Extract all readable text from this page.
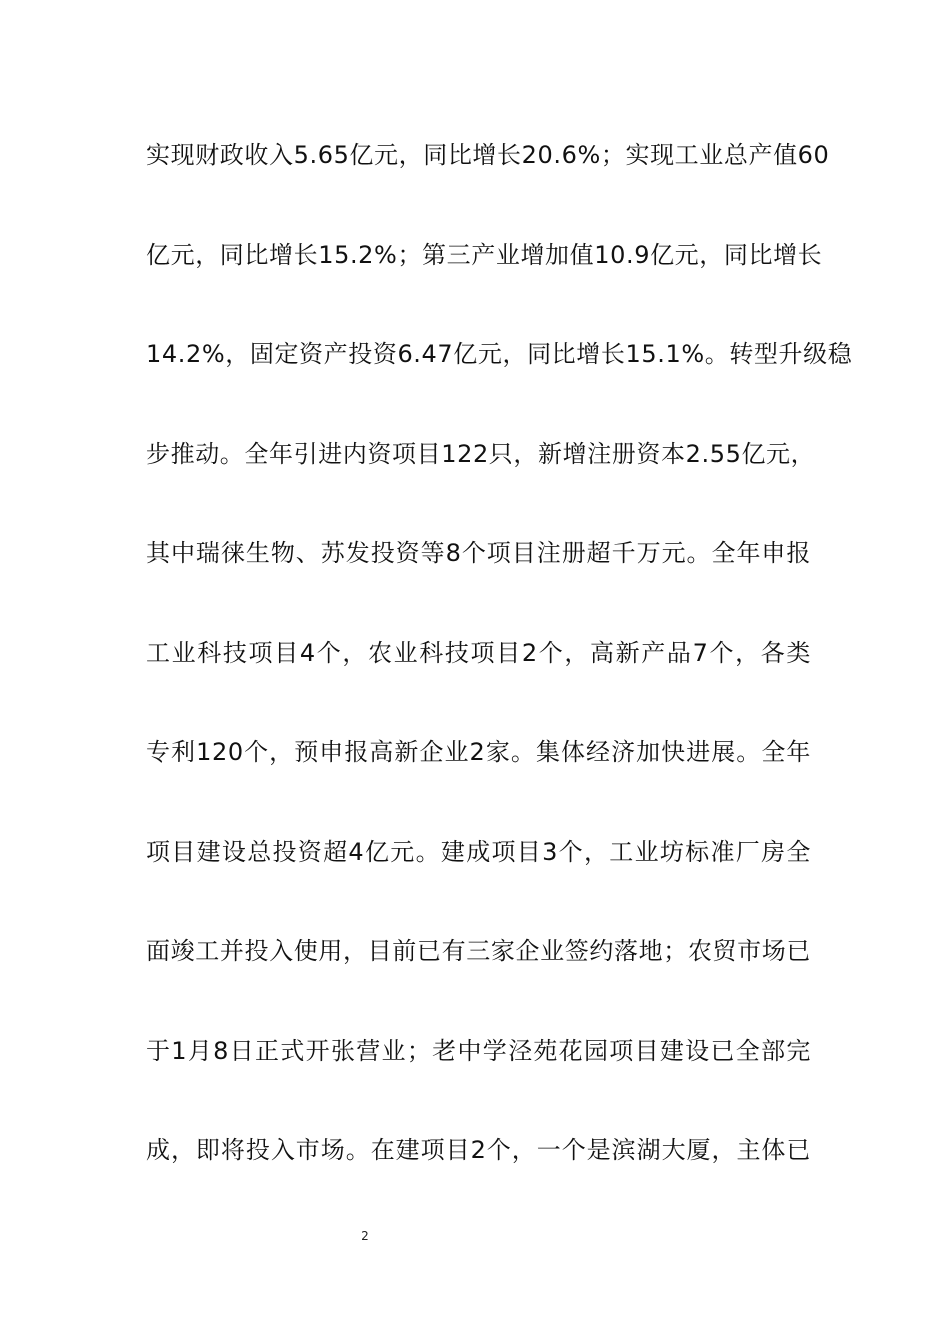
实现财政收入5.65亿元，同比增长20.6%；实现工业总产值60
亿元，同比增长15.2%；第三产业增加值10.9亿元，同比增长
14.2%，固定资产投资6.47亿元，同比增长15.1%。转型升级稳
步推动。全年引进内资项目122只，新增注册资本2.55亿元，
其中瑞徕生物、苏发投资等8个项目注册超千万元。全年申报
工业科技项目4个，农业科技项目2个，高新产品7个，各类
专利120个，预申报高新企业2家。集体经济加快进展。全年
项目建设总投资超4亿元。建成项目3个，工业坊标准厂房全
面竣工并投入使用，目前已有三家企业签约落地；农贸市场已
于1月8日正式开张营业；老中学泾苑花园项目建设已全部完
成，即将投入市场。在建项目2个，一个是滨湖大厦，主体已
2
